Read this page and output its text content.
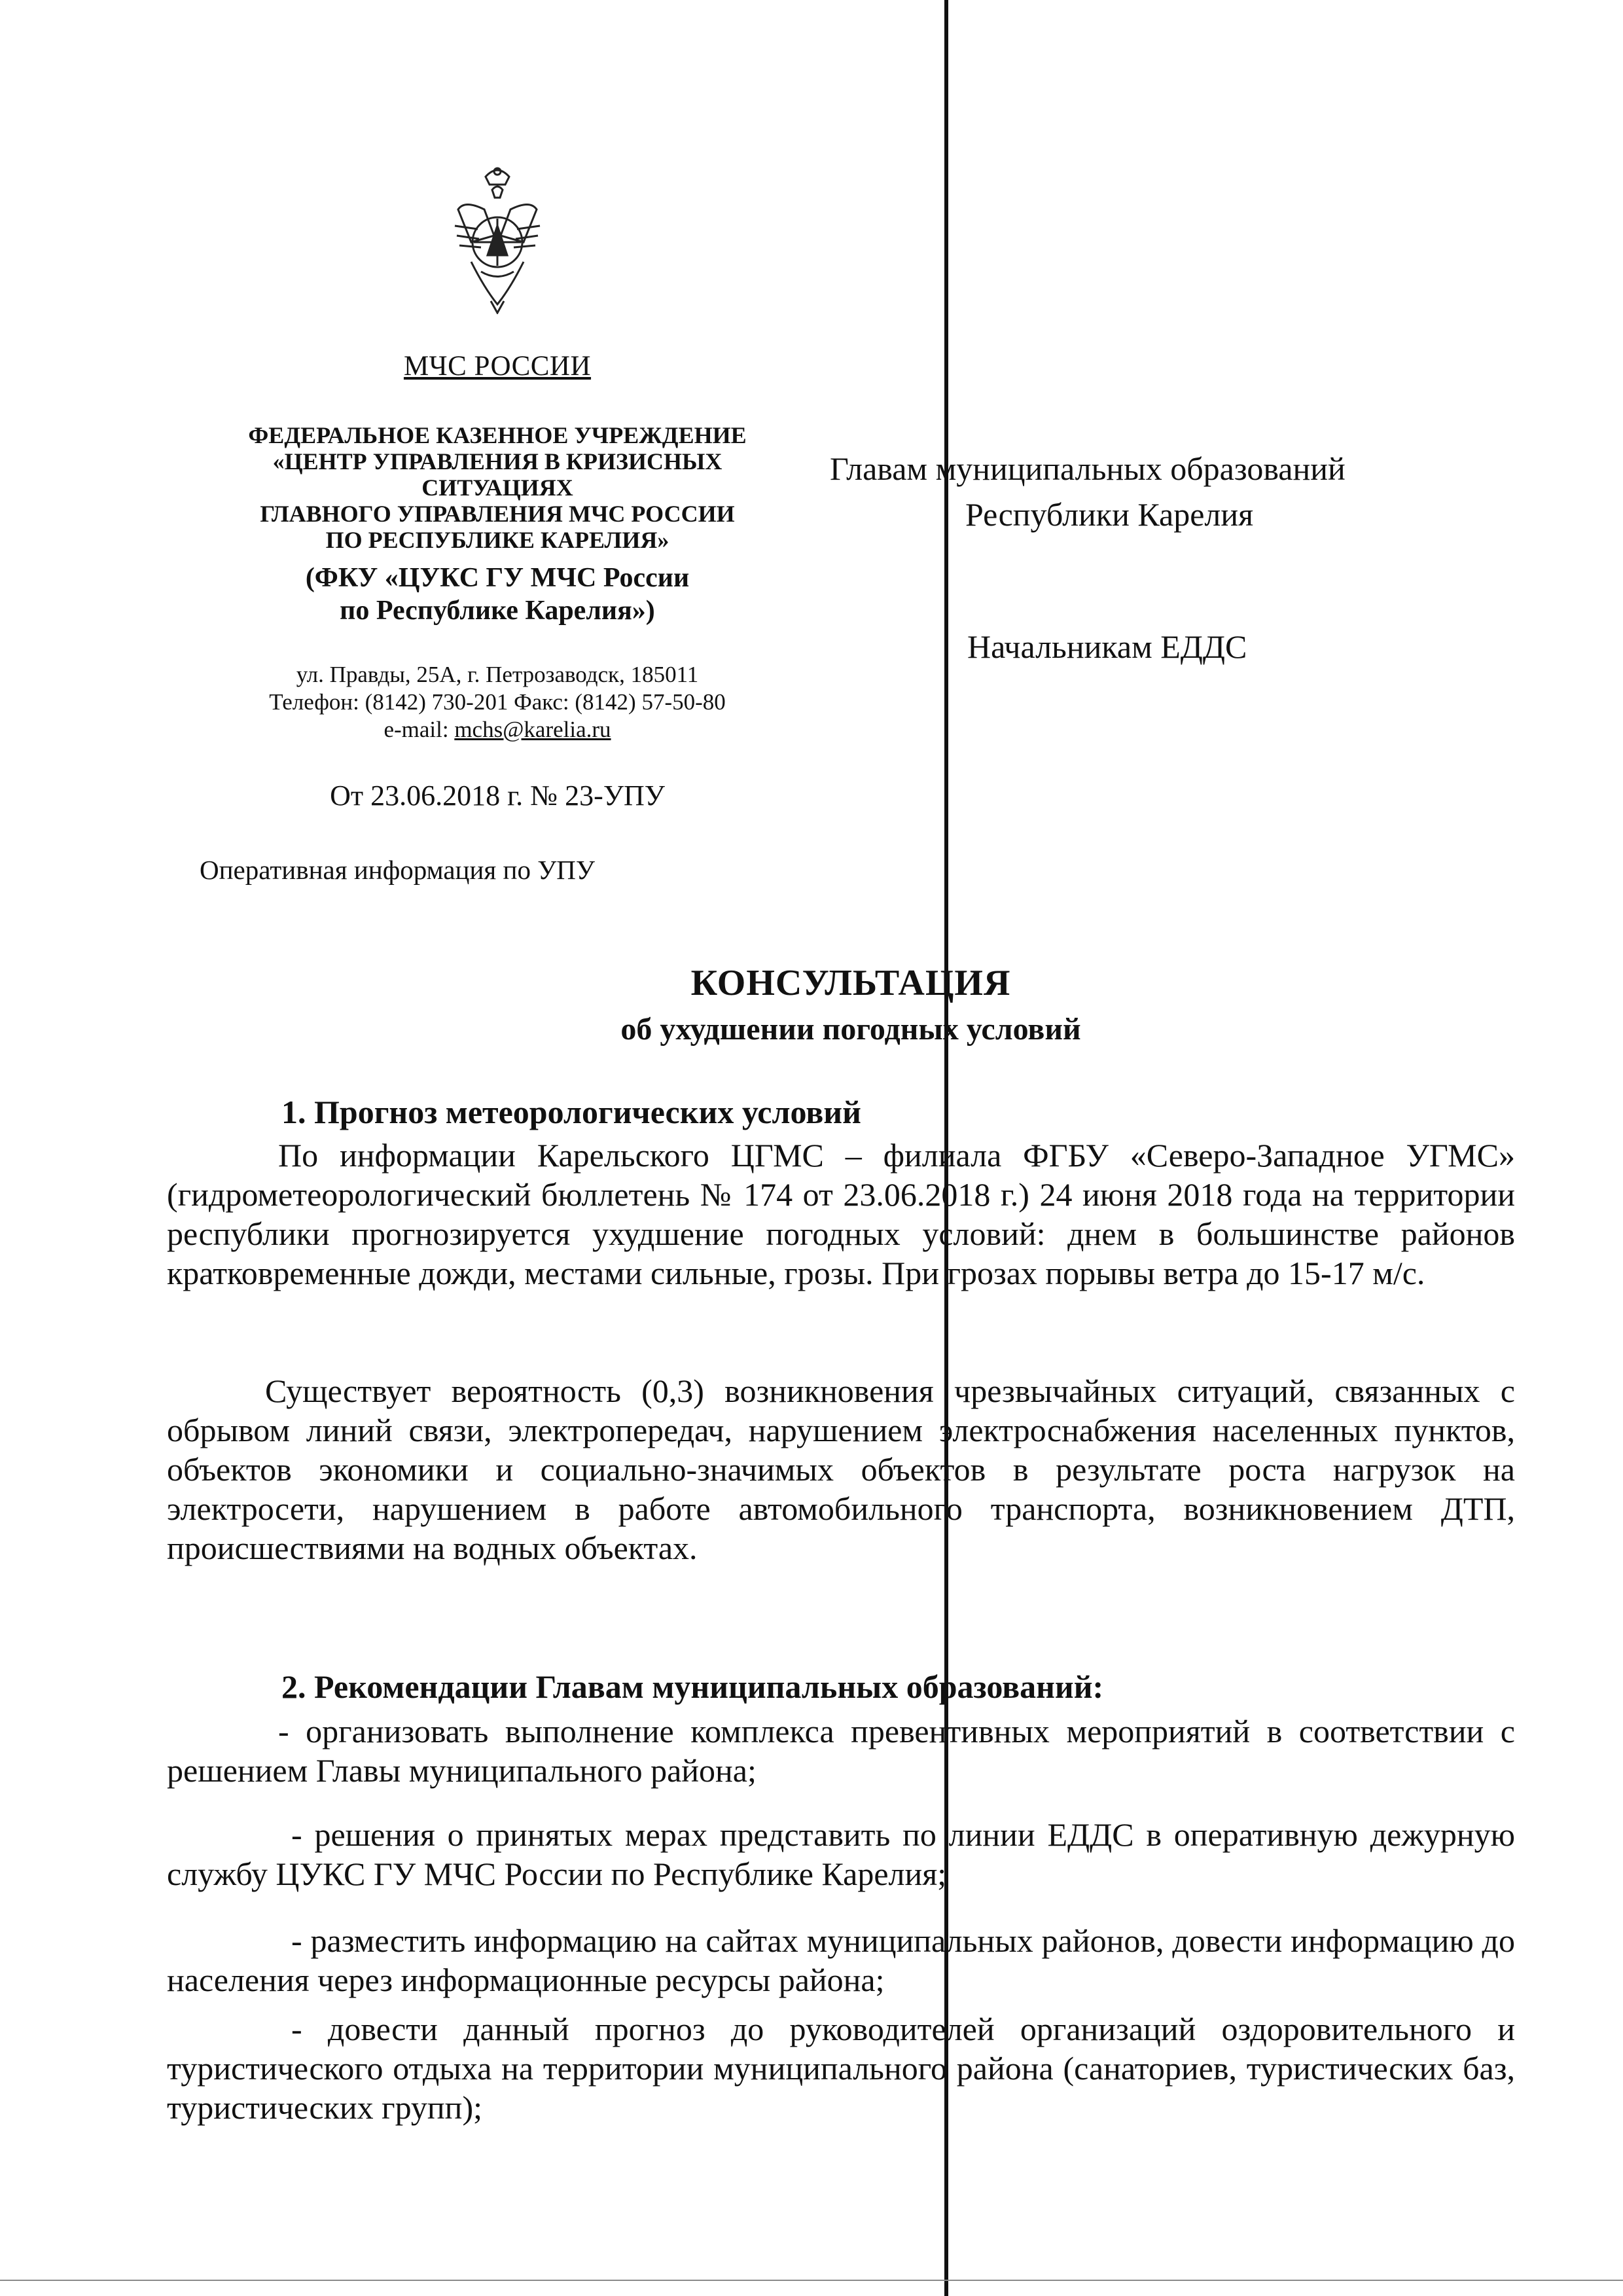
МЧС РОССИИ
ФЕДЕРАЛЬНОЕ КАЗЕННОЕ УЧРЕЖДЕНИЕ
«ЦЕНТР УПРАВЛЕНИЯ В КРИЗИСНЫХ
СИТУАЦИЯХ
ГЛАВНОГО УПРАВЛЕНИЯ МЧС РОССИИ
ПО РЕСПУБЛИКЕ КАРЕЛИЯ»
(ФКУ «ЦУКС ГУ МЧС России
по Республике Карелия»)
ул. Правды, 25А, г. Петрозаводск, 185011
Телефон: (8142) 730-201 Факс: (8142) 57-50-80
e-mail: mchs@karelia.ru
От 23.06.2018 г. № 23-УПУ
Оперативная информация по УПУ
Главам муниципальных образований
Республики Карелия
Начальникам ЕДДС
КОНСУЛЬТАЦИЯ
об ухудшении погодных условий
1. Прогноз метеорологических условий
По информации Карельского ЦГМС – филиала ФГБУ «Северо-Западное УГМС» (гидрометеорологический бюллетень № 174 от 23.06.2018 г.) 24 июня 2018 года на территории республики прогнозируется ухудшение погодных условий: днем в большинстве районов кратковременные дожди, местами сильные, грозы. При грозах порывы ветра до 15-17 м/с.
Существует вероятность (0,3) возникновения чрезвычайных ситуаций, связанных с обрывом линий связи, электропередач, нарушением электроснабжения населенных пунктов, объектов экономики и социально-значимых объектов в результате роста нагрузок на электросети, нарушением в работе автомобильного транспорта, возникновением ДТП, происшествиями на водных объектах.
2. Рекомендации Главам муниципальных образований:
- организовать выполнение комплекса превентивных мероприятий в соответствии с решением Главы муниципального района;
- решения о принятых мерах представить по линии ЕДДС в оперативную дежурную службу ЦУКС ГУ МЧС России по Республике Карелия;
- разместить информацию на сайтах муниципальных районов, довести информацию до населения через информационные ресурсы района;
- довести данный прогноз до руководителей организаций оздоровительного и туристического отдыха на территории муниципального района (санаториев, туристических баз, туристических групп);
